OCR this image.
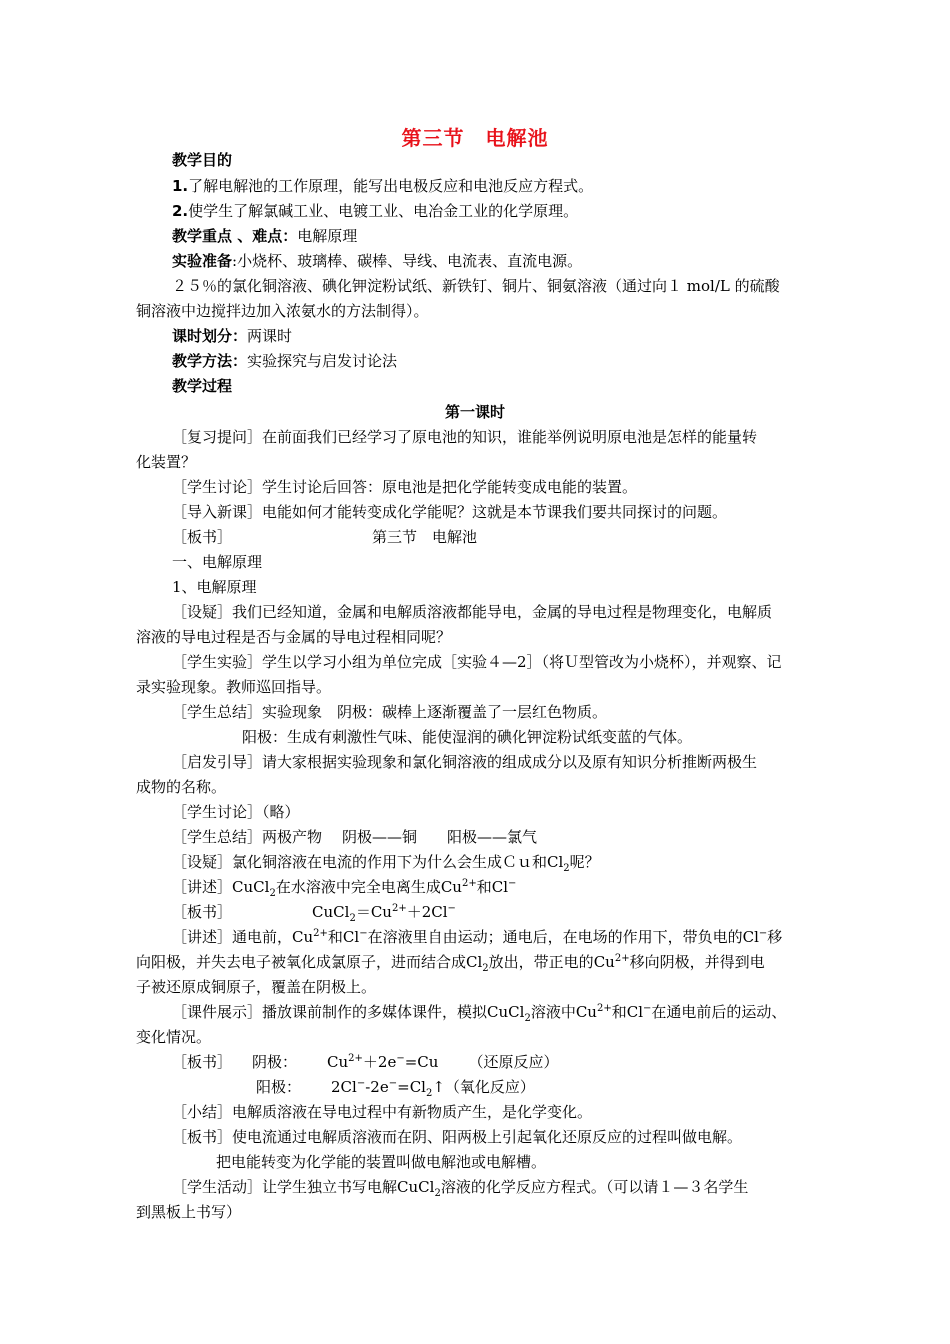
第三节　电解池
教学目的
1.了解电解池的工作原理，能写出电极反应和电池反应方程式。
2.使学生了解氯碱工业、电镀工业、电冶金工业的化学原理。
教学重点 、难点：电解原理
实验准备:小烧杯、玻璃棒、碳棒、导线、电流表、直流电源。
２５％的氯化铜溶液、碘化钾淀粉试纸、新铁钉、铜片、铜氨溶液（通过向１ mol/L 的硫酸
铜溶液中边搅拌边加入浓氨水的方法制得）。
课时划分：两课时
教学方法：实验探究与启发讨论法
教学过程
第一课时
［复习提问］在前面我们已经学习了原电池的知识，谁能举例说明原电池是怎样的能量转
化装置？
［学生讨论］学生讨论后回答：原电池是把化学能转变成电能的装置。
［导入新课］电能如何才能转变成化学能呢？这就是本节课我们要共同探讨的问题。
［板书］	第三节　电解池
一、电解原理
1、电解原理
［设疑］我们已经知道，金属和电解质溶液都能导电，金属的导电过程是物理变化，电解质
溶液的导电过程是否与金属的导电过程相同呢？
［学生实验］学生以学习小组为单位完成［实验４—2］（将Ｕ型管改为小烧杯），并观察、记
录实验现象。教师巡回指导。
［学生总结］实验现象　阴极：碳棒上逐渐覆盖了一层红色物质。
阳极：生成有刺激性气味、能使湿润的碘化钾淀粉试纸变蓝的气体。
［启发引导］请大家根据实验现象和氯化铜溶液的组成成分以及原有知识分析推断两极生
成物的名称。
［学生讨论］（略）
［学生总结］两极产物 阴极——铜 阳极——氯气
［设疑］氯化铜溶液在电流的作用下为什么会生成Ｃｕ和$Cl_2$呢？
［讲述］CuCl$_2$在水溶液中完全电离生成$Cu^{2+}$和Cl−
［板书］	$CuCl_2=Cu^{2+}+2Cl^-$
［讲述］通电前，$Cu^{2+}$和Cl−在溶液里自由运动；通电后，在电场的作用下，带负电的Cl−移
向阳极，并失去电子被氧化成氯原子，进而结合成$Cl_2$放出，带正电的$Cu^{2+}$移向阴极，并得到电
子被还原成铜原子，覆盖在阴极上。
［课件展示］播放课前制作的多媒体课件，模拟CuCl$_2$溶液中$Cu^{2+}$和Cl−在通电前后的运动、
变化情况。
［板书］ 阴极： $Cu^{2+}+2e^-=Cu$ （还原反应）
阳极： $2Cl^--2e^-=Cl_2↑$（氧化反应）
［小结］电解质溶液在导电过程中有新物质产生，是化学变化。
［板书］使电流通过电解质溶液而在阴、阳两极上引起氧化还原反应的过程叫做电解。
把电能转变为化学能的装置叫做电解池或电解槽。
［学生活动］让学生独立书写电解CuCl$_2$溶液的化学反应方程式。（可以请１—３名学生
到黑板上书写）
